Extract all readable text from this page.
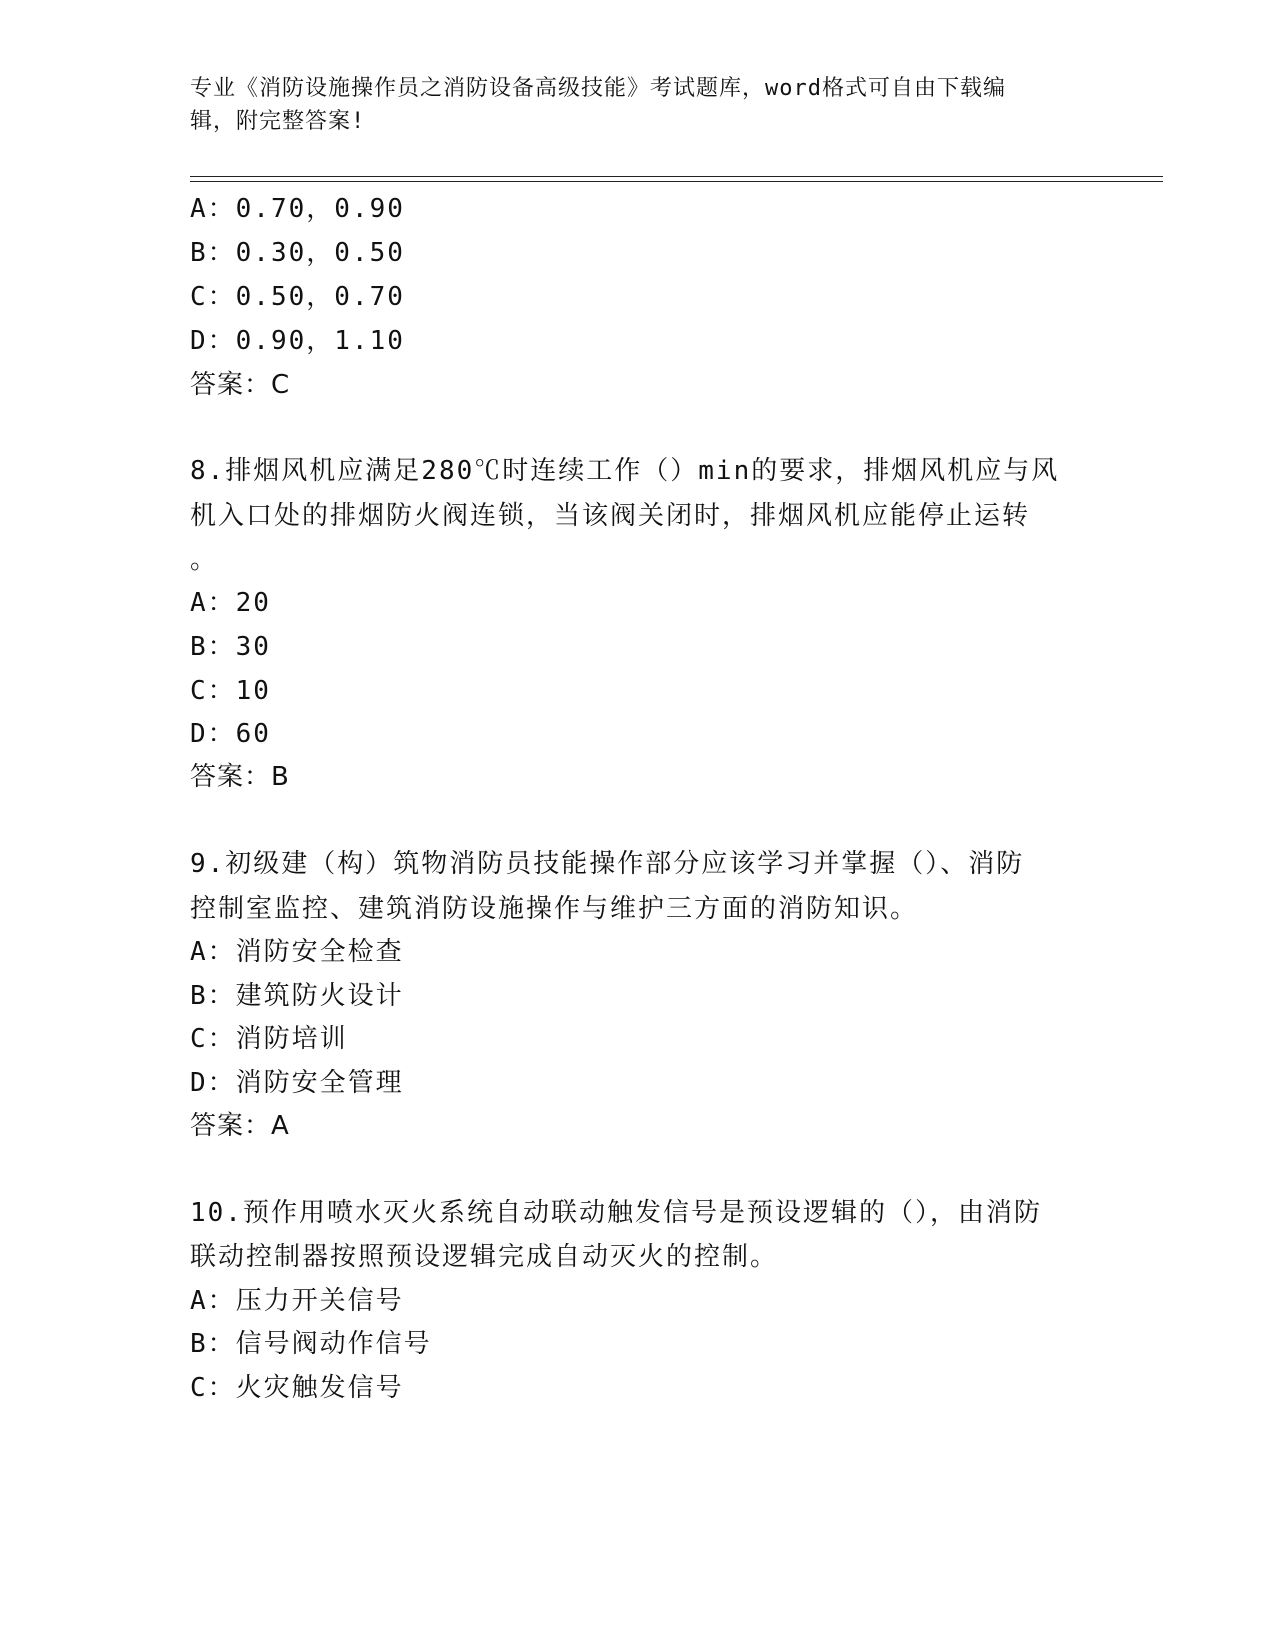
专业《消防设施操作员之消防设备高级技能》考试题库，word格式可自由下载编
辑，附完整答案!
A：0.70，0.90
B：0.30，0.50
C：0.50，0.70
D：0.90，1.10
答案：C
8.排烟风机应满足280℃时连续工作（）min的要求，排烟风机应与风
机入口处的排烟防火阀连锁，当该阀关闭时，排烟风机应能停止运转
。
A：20
B：30
C：10
D：60
答案：B
9.初级建（构）筑物消防员技能操作部分应该学习并掌握（）、消防
控制室监控、建筑消防设施操作与维护三方面的消防知识。
A：消防安全检查
B：建筑防火设计
C：消防培训
D：消防安全管理
答案：A
10.预作用喷水灭火系统自动联动触发信号是预设逻辑的（），由消防
联动控制器按照预设逻辑完成自动灭火的控制。
A：压力开关信号
B：信号阀动作信号
C：火灾触发信号
